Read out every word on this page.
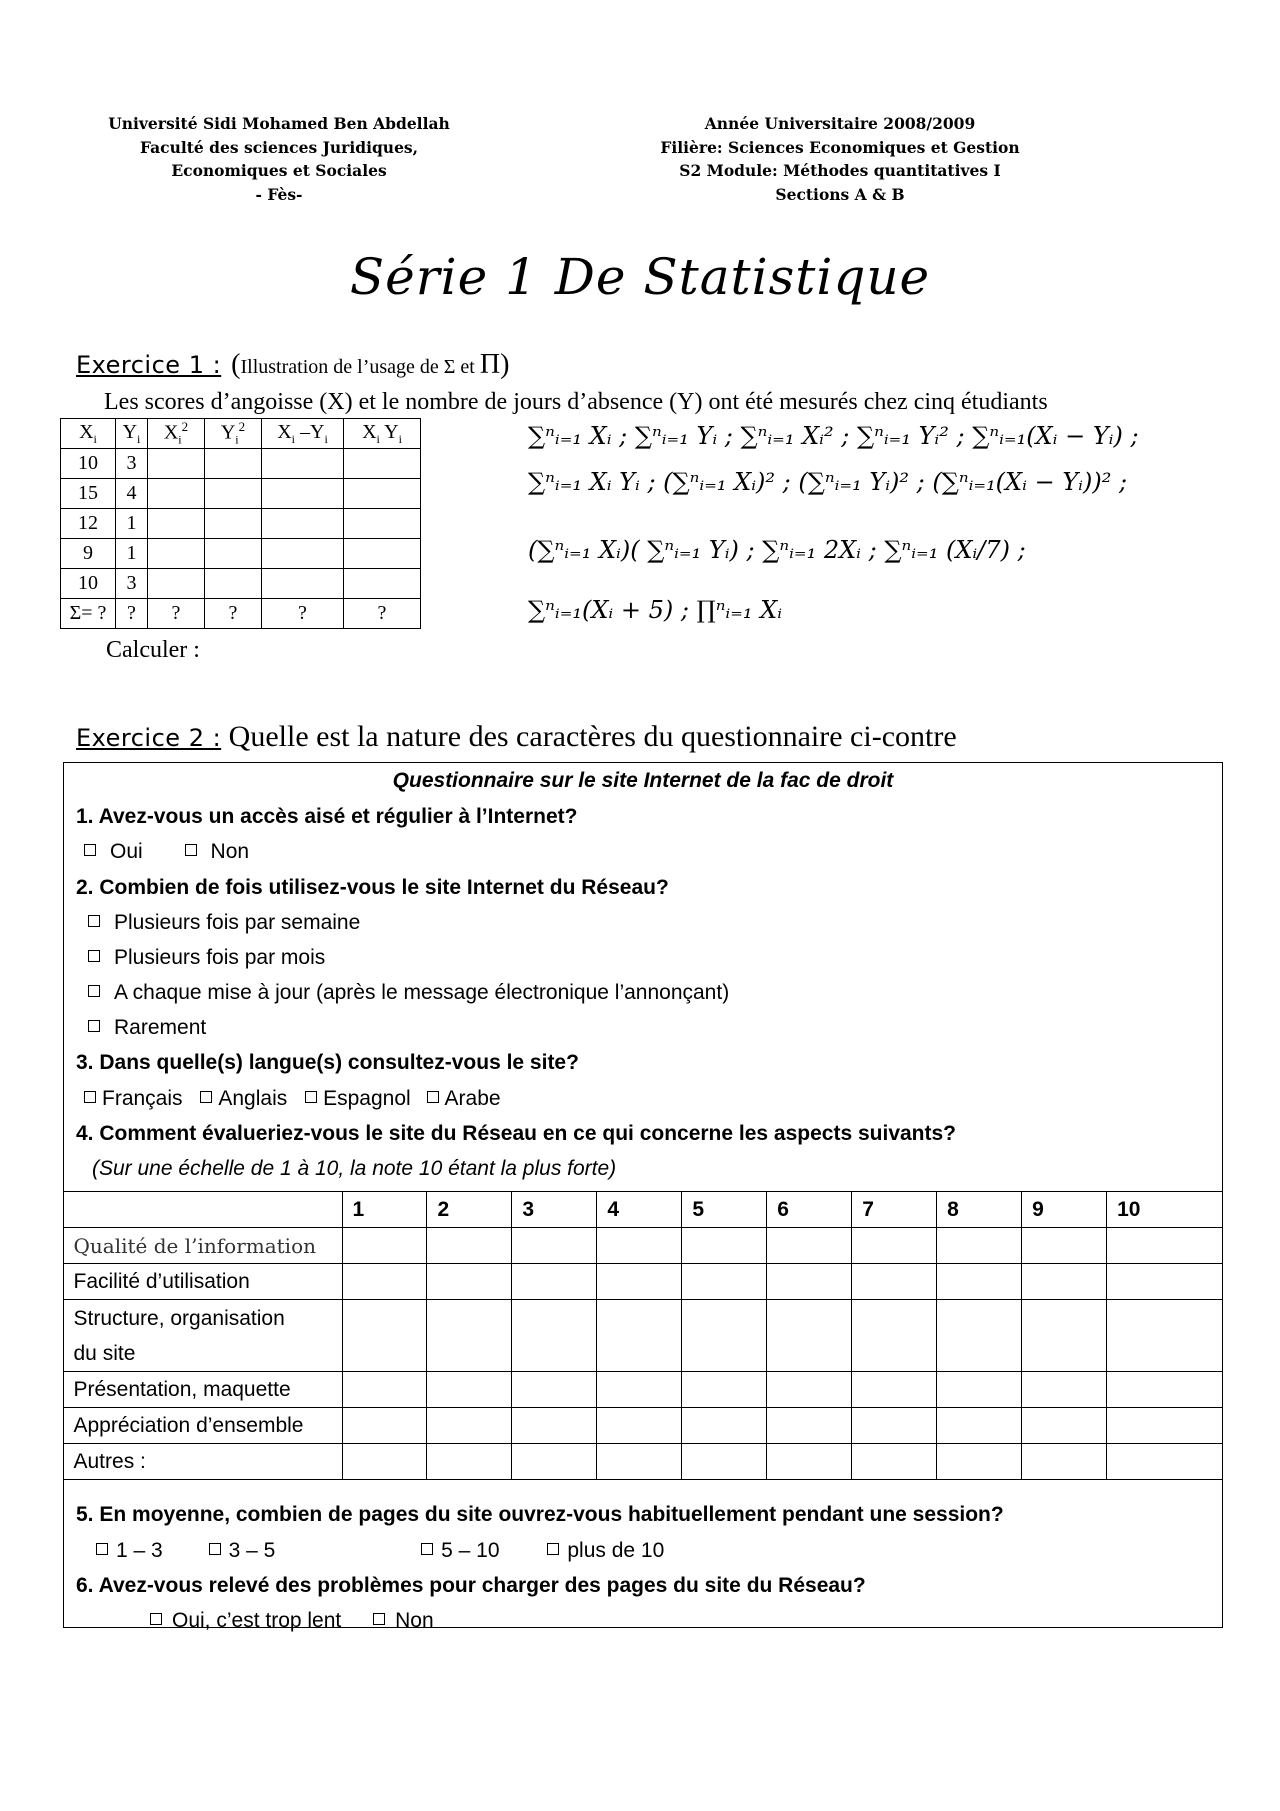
Université Sidi Mohamed Ben Abdellah
Faculté des sciences Juridiques,
Economiques et Sociales
- Fès-
Année Universitaire 2008/2009
Filière: Sciences Economiques et Gestion
S2 Module: Méthodes quantitatives I
Sections A & B
Série 1 De Statistique
Exercice 1 : (Illustration de l’usage de Σ et Π)
Les scores d’angoisse (X) et le nombre de jours d’absence (Y) ont été mesurés chez cinq étudiants
$X_i$	$Y_i$	$X_i^2$	$Y_i^2$	$X_i$ $-Y_i$	$X_i$ $Y_i$
10	3				
15	4				
12	1				
9	1				
10	3				
Σ= ?	?	?	?	?	?
∑ⁿᵢ₌₁ Xᵢ ; ∑ⁿᵢ₌₁ Yᵢ ; ∑ⁿᵢ₌₁ Xᵢ² ; ∑ⁿᵢ₌₁ Yᵢ² ; ∑ⁿᵢ₌₁(Xᵢ − Yᵢ) ;
∑ⁿᵢ₌₁ Xᵢ Yᵢ ; (∑ⁿᵢ₌₁ Xᵢ)² ; (∑ⁿᵢ₌₁ Yᵢ)² ; (∑ⁿᵢ₌₁(Xᵢ − Yᵢ))² ;
(∑ⁿᵢ₌₁ Xᵢ)( ∑ⁿᵢ₌₁ Yᵢ) ; ∑ⁿᵢ₌₁ 2Xᵢ ; ∑ⁿᵢ₌₁ (Xᵢ/7) ;
∑ⁿᵢ₌₁(Xᵢ + 5) ; ∏ⁿᵢ₌₁ Xᵢ
Calculer :
Exercice 2 : Quelle est la nature des caractères du questionnaire ci-contre
Questionnaire sur le site Internet de la fac de droit
1. Avez-vous un accès aisé et régulier à l’Internet?
Oui	Non
2. Combien de fois utilisez-vous le site Internet du Réseau?
Plusieurs fois par semaine
Plusieurs fois par mois
A chaque mise à jour (après le message électronique l’annonçant)
Rarement
3. Dans quelle(s) langue(s) consultez-vous le site?
Français Anglais Espagnol Arabe
4. Comment évalueriez-vous le site du Réseau en ce qui concerne les aspects suivants?
(Sur une échelle de 1 à 10, la note 10 étant la plus forte)
	1	2	3	4	5	6	7	8	9	10
Qualité de l’information										
Facilité d’utilisation										
Structure, organisation
du site										
Présentation, maquette										
Appréciation d’ensemble										
Autres :										
5. En moyenne, combien de pages du site ouvrez-vous habituellement pendant une session?
1 – 3	3 – 5	5 – 10	plus de 10
6. Avez-vous relevé des problèmes pour charger des pages du site du Réseau?
Oui, c’est trop lent	Non
